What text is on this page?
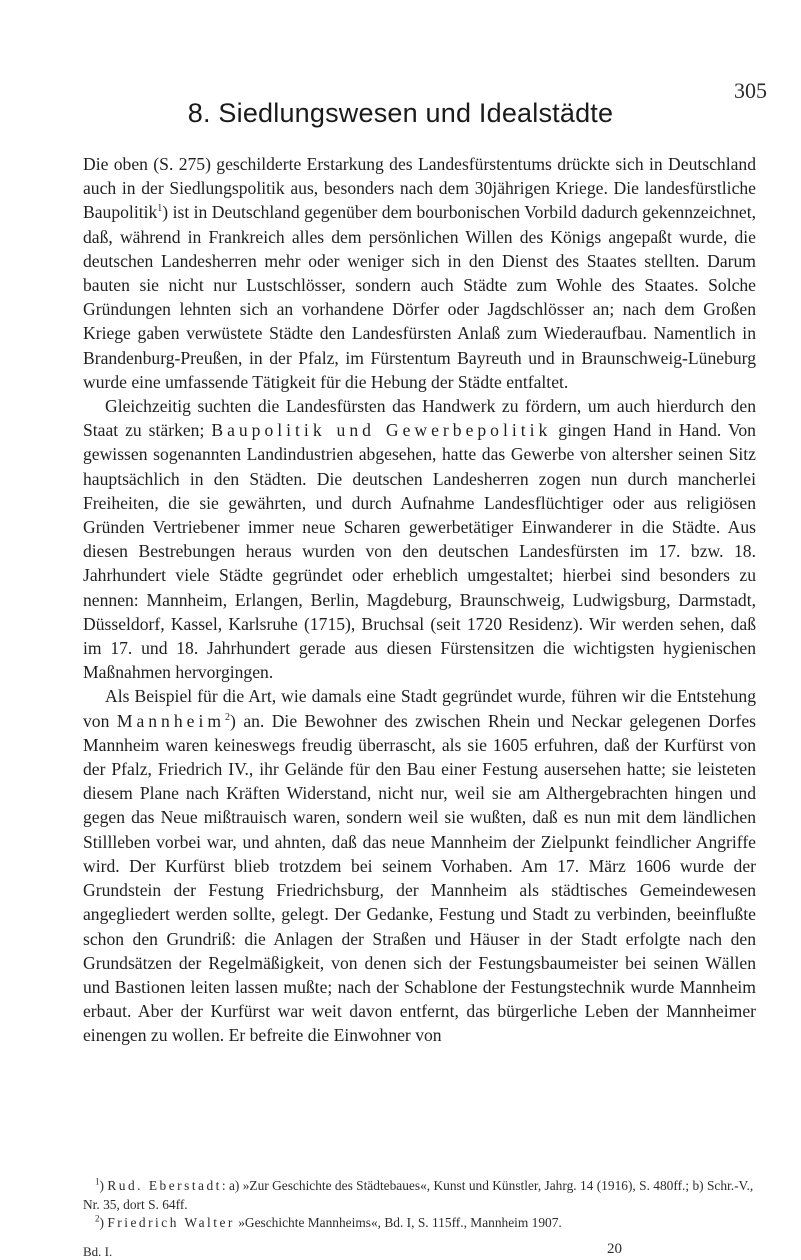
305
8. Siedlungswesen und Idealstädte

Die oben (S. 275) geschilderte Erstarkung des Landesfürstentums drückte sich in Deutschland auch in der Siedlungspolitik aus, besonders nach dem 30jährigen Kriege. Die landesfürstliche Baupolitik$^1$) ist in Deutschland gegenüber dem bourbonischen Vorbild dadurch gekennzeichnet, daß, während in Frankreich alles dem persönlichen Willen des Königs angepaßt wurde, die deutschen Landesherren mehr oder weniger sich in den Dienst des Staates stellten. Darum bauten sie nicht nur Lustschlösser, sondern auch Städte zum Wohle des Staates. Solche Gründungen lehnten sich an vorhandene Dörfer oder Jagdschlösser an; nach dem Großen Kriege gaben verwüstete Städte den Landesfürsten Anlaß zum Wiederaufbau. Namentlich in Brandenburg-Preußen, in der Pfalz, im Fürstentum Bayreuth und in Braunschweig-Lüneburg wurde eine umfassende Tätigkeit für die Hebung der Städte entfaltet.

Gleichzeitig suchten die Landesfürsten das Handwerk zu fördern, um auch hierdurch den Staat zu stärken; Baupolitik und Gewerbepolitik gingen Hand in Hand. Von gewissen sogenannten Landindustrien abgesehen, hatte das Gewerbe von altersher seinen Sitz hauptsächlich in den Städten. Die deutschen Landesherren zogen nun durch mancherlei Freiheiten, die sie gewährten, und durch Aufnahme Landesflüchtiger oder aus religiösen Gründen Vertriebener immer neue Scharen gewerbetätiger Einwanderer in die Städte. Aus diesen Bestrebungen heraus wurden von den deutschen Landesfürsten im 17. bzw. 18. Jahrhundert viele Städte gegründet oder erheblich umgestaltet; hierbei sind besonders zu nennen: Mannheim, Erlangen, Berlin, Magdeburg, Braunschweig, Ludwigsburg, Darmstadt, Düsseldorf, Kassel, Karlsruhe (1715), Bruchsal (seit 1720 Residenz). Wir werden sehen, daß im 17. und 18. Jahrhundert gerade aus diesen Fürstensitzen die wichtigsten hygienischen Maßnahmen hervorgingen.

Als Beispiel für die Art, wie damals eine Stadt gegründet wurde, führen wir die Entstehung von Mannheim$^2$) an. Die Bewohner des zwischen Rhein und Neckar gelegenen Dorfes Mannheim waren keineswegs freudig überrascht, als sie 1605 erfuhren, daß der Kurfürst von der Pfalz, Friedrich IV., ihr Gelände für den Bau einer Festung ausersehen hatte; sie leisteten diesem Plane nach Kräften Widerstand, nicht nur, weil sie am Althergebrachten hingen und gegen das Neue mißtrauisch waren, sondern weil sie wußten, daß es nun mit dem ländlichen Stillleben vorbei war, und ahnten, daß das neue Mannheim der Zielpunkt feindlicher Angriffe wird. Der Kurfürst blieb trotzdem bei seinem Vorhaben. Am 17. März 1606 wurde der Grundstein der Festung Friedrichsburg, der Mannheim als städtisches Gemeindewesen angegliedert werden sollte, gelegt. Der Gedanke, Festung und Stadt zu verbinden, beeinflußte schon den Grundriß: die Anlagen der Straßen und Häuser in der Stadt erfolgte nach den Grundsätzen der Regelmäßigkeit, von denen sich der Festungsbaumeister bei seinen Wällen und Bastionen leiten lassen mußte; nach der Schablone der Festungstechnik wurde Mannheim erbaut. Aber der Kurfürst war weit davon entfernt, das bürgerliche Leben der Mannheimer einengen zu wollen. Er befreite die Einwohner von

$^1$) Rud. Eberstadt: a) »Zur Geschichte des Städtebaues«, Kunst und Künstler, Jahrg. 14 (1916), S. 480ff.; b) Schr.-V., Nr. 35, dort S. 64ff.

$^2$) Friedrich Walter »Geschichte Mannheims«, Bd. I, S. 115ff., Mannheim 1907.

Bd. I.	20
